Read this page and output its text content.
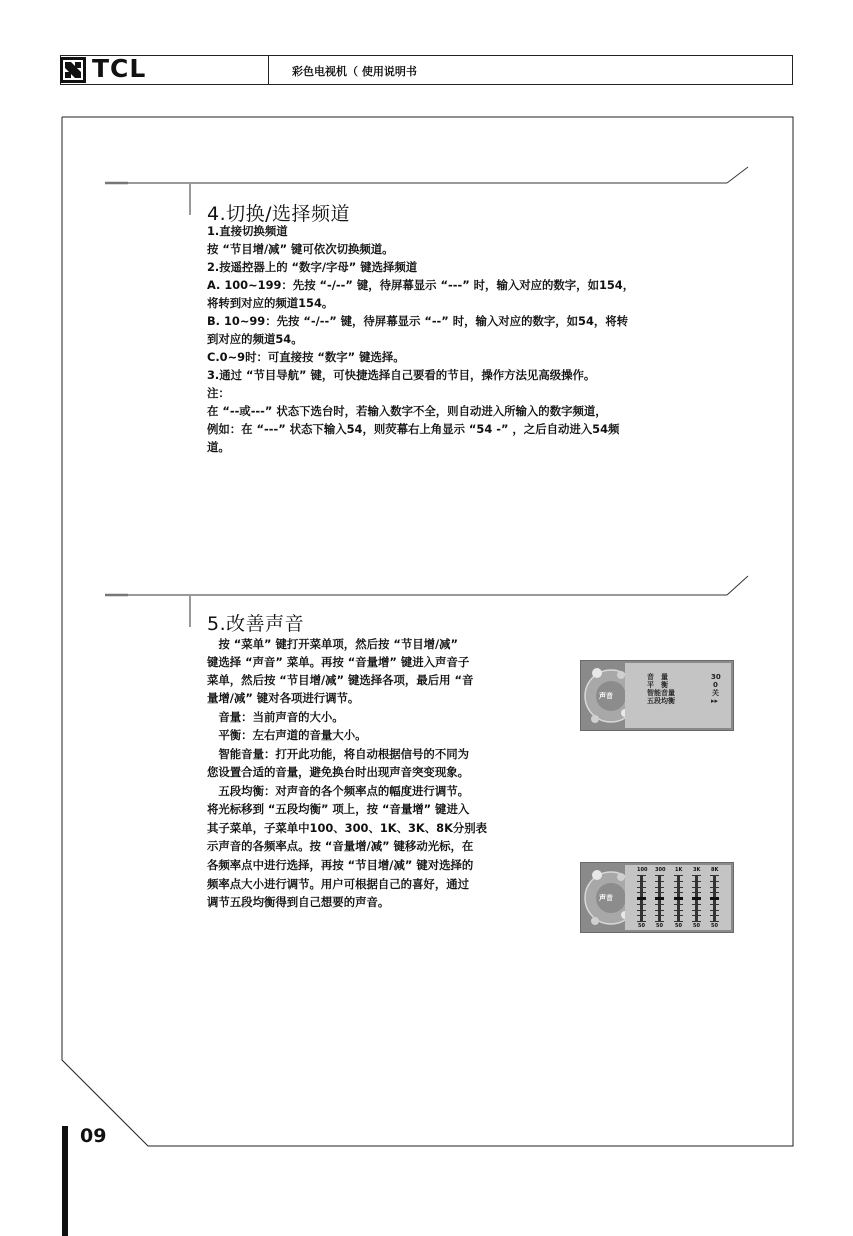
TCL	彩色电视机（ 使用说明书
4.切换/选择频道
1.直接切换频道
按 “节目增/减” 键可依次切换频道。
2.按遥控器上的 “数字/字母” 键选择频道
A. 100~199：先按 “-/--” 键，待屏幕显示 “---” 时，输入对应的数字，如154，
将转到对应的频道154。
B. 10~99：先按 “-/--” 键，待屏幕显示 “--” 时，输入对应的数字，如54，将转
到对应的频道54。
C.0~9时：可直接按 “数字” 键选择。
3.通过 “节目导航” 键，可快捷选择自己要看的节目，操作方法见高级操作。
注：
在 “--或---” 状态下选台时，若输入数字不全，则自动进入所输入的数字频道，
例如：在 “---” 状态下输入54，则荧幕右上角显示 “54 -” ，之后自动进入54频
道。
5.改善声音
　按 “菜单” 键打开菜单项，然后按 “节目增/减”
键选择 “声音” 菜单。再按 “音量增” 键进入声音子
菜单，然后按 “节目增/减” 键选择各项，最后用 “音
量增/减” 键对各项进行调节。
　音量：当前声音的大小。
　平衡：左右声道的音量大小。
　智能音量：打开此功能，将自动根据信号的不同为
您设置合适的音量，避免换台时出现声音突变现象。
　五段均衡：对声音的各个频率点的幅度进行调节。
将光标移到 “五段均衡” 项上，按 “音量增” 键进入
其子菜单，子菜单中100、300、1K、3K、8K分别表
示声音的各频率点。按 “音量增/减” 键移动光标，在
各频率点中进行选择，再按 “节目增/减” 键对选择的
频率点大小进行调节。用户可根据自己的喜好，通过
调节五段均衡得到自己想要的声音。
声音
音　量
平　衡
智能音量
五段均衡
30
0
关
▸▸
声音
100 300 1K 3K 8K
50 50 50 50 50
09
